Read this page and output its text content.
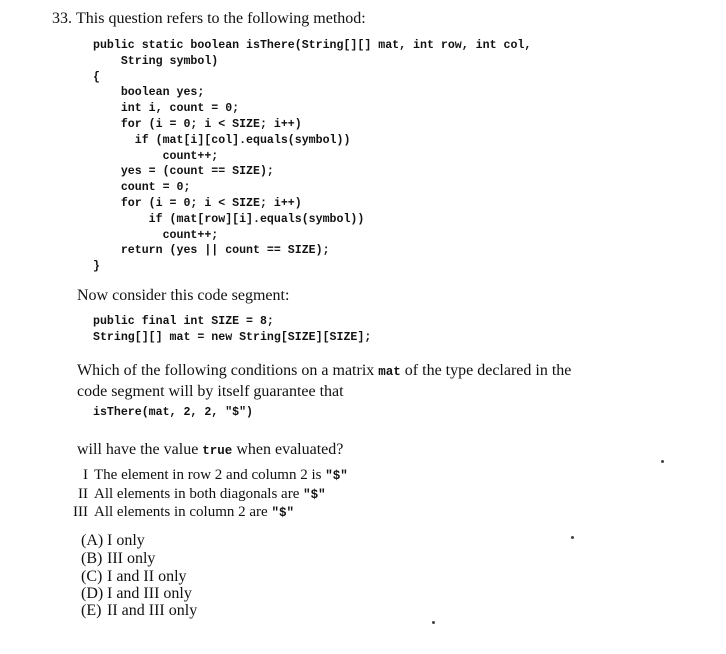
33. This question refers to the following method:
public static boolean isThere(String[][] mat, int row, int col,
String symbol)
{
boolean yes;
int i, count = 0;
for (i = 0; i < SIZE; i++)
if (mat[i][col].equals(symbol))
count++;
yes = (count == SIZE);
count = 0;
for (i = 0; i < SIZE; i++)
if (mat[row][i].equals(symbol))
count++;
return (yes || count == SIZE);
}
Now consider this code segment:
public final int SIZE = 8;
String[][] mat = new String[SIZE][SIZE];
Which of the following conditions on a matrix mat of the type declared in the code segment will by itself guarantee that
isThere(mat, 2, 2, "$")
will have the value true when evaluated?
I The element in row 2 and column 2 is "$"
II All elements in both diagonals are "$"
III All elements in column 2 are "$"
(A) I only
(B) III only
(C) I and II only
(D) I and III only
(E) II and III only
